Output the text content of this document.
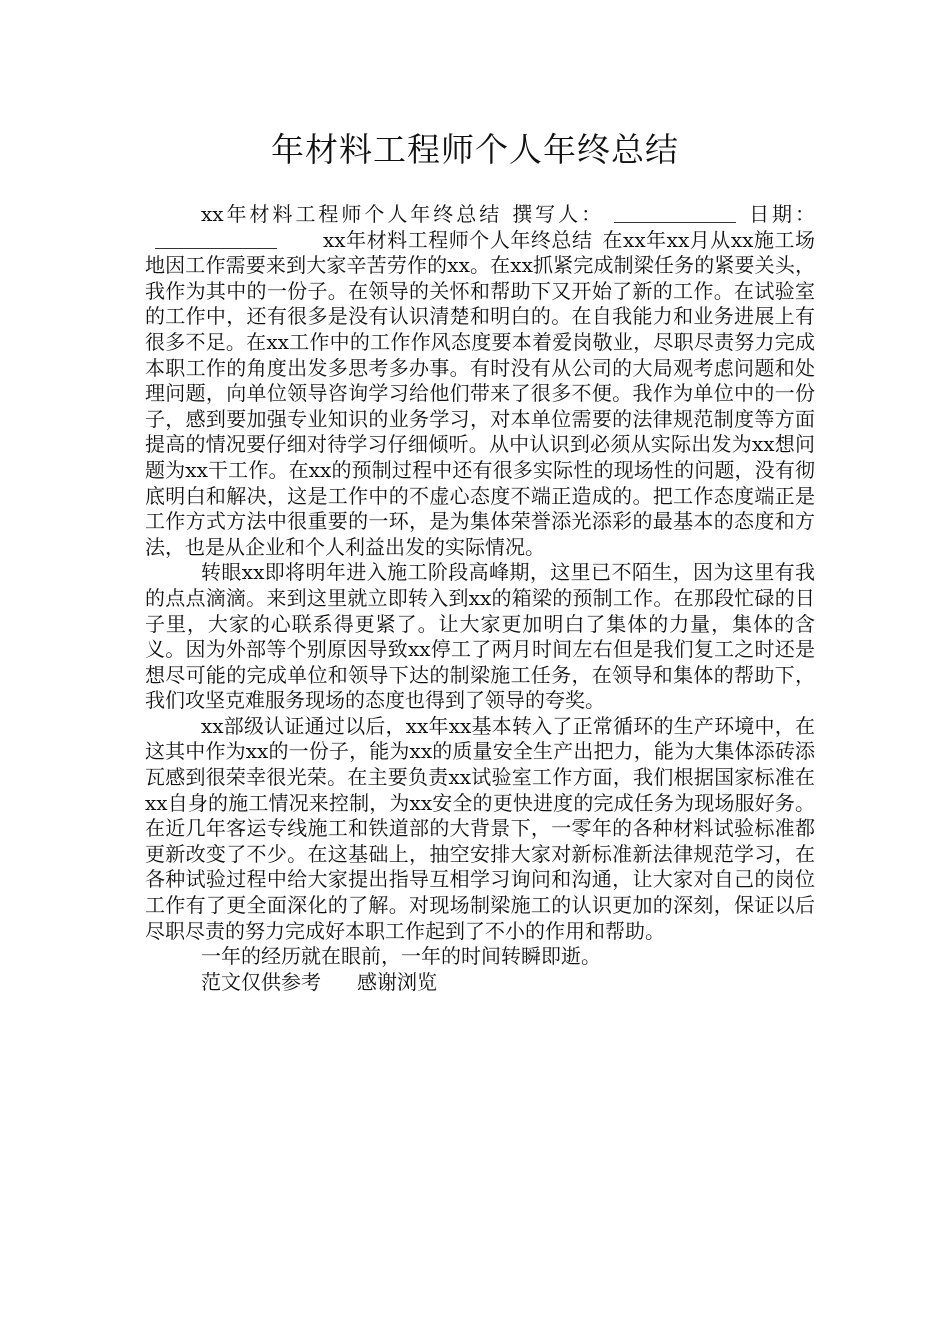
年材料工程师个人年终总结

xx年材料工程师个人年终总结 撰写人：	日期：xx年材料工程师个人年终总结 在xx年xx月从xx施工场地因工作需要来到大家辛苦劳作的xx。在xx抓紧完成制梁任务的紧要关头，我作为其中的一份子。在领导的关怀和帮助下又开始了新的工作。在试验室的工作中，还有很多是没有认识清楚和明白的。在自我能力和业务进展上有很多不足。在xx工作中的工作作风态度要本着爱岗敬业，尽职尽责努力完成本职工作的角度出发多思考多办事。有时没有从公司的大局观考虑问题和处理问题，向单位领导咨询学习给他们带来了很多不便。我作为单位中的一份子，感到要加强专业知识的业务学习，对本单位需要的法律规范制度等方面提高的情况要仔细对待学习仔细倾听。从中认识到必须从实际出发为xx想问题为xx干工作。在xx的预制过程中还有很多实际性的现场性的问题，没有彻底明白和解决，这是工作中的不虚心态度不端正造成的。把工作态度端正是工作方式方法中很重要的一环，是为集体荣誉添光添彩的最基本的态度和方法，也是从企业和个人利益出发的实际情况。

转眼xx即将明年进入施工阶段高峰期，这里已不陌生，因为这里有我的点点滴滴。来到这里就立即转入到xx的箱梁的预制工作。在那段忙碌的日子里，大家的心联系得更紧了。让大家更加明白了集体的力量，集体的含义。因为外部等个别原因导致xx停工了两月时间左右但是我们复工之时还是想尽可能的完成单位和领导下达的制梁施工任务，在领导和集体的帮助下，我们攻坚克难服务现场的态度也得到了领导的夸奖。

xx部级认证通过以后，xx年xx基本转入了正常循环的生产环境中，在这其中作为xx的一份子，能为xx的质量安全生产出把力，能为大集体添砖添瓦感到很荣幸很光荣。在主要负责xx试验室工作方面，我们根据国家标准在xx自身的施工情况来控制，为xx安全的更快进度的完成任务为现场服好务。在近几年客运专线施工和铁道部的大背景下，一零年的各种材料试验标准都更新改变了不少。在这基础上，抽空安排大家对新标准新法律规范学习，在各种试验过程中给大家提出指导互相学习询问和沟通，让大家对自己的岗位工作有了更全面深化的了解。对现场制梁施工的认识更加的深刻，保证以后尽职尽责的努力完成好本职工作起到了不小的作用和帮助。

一年的经历就在眼前，一年的时间转瞬即逝。

范文仅供参考 感谢浏览
